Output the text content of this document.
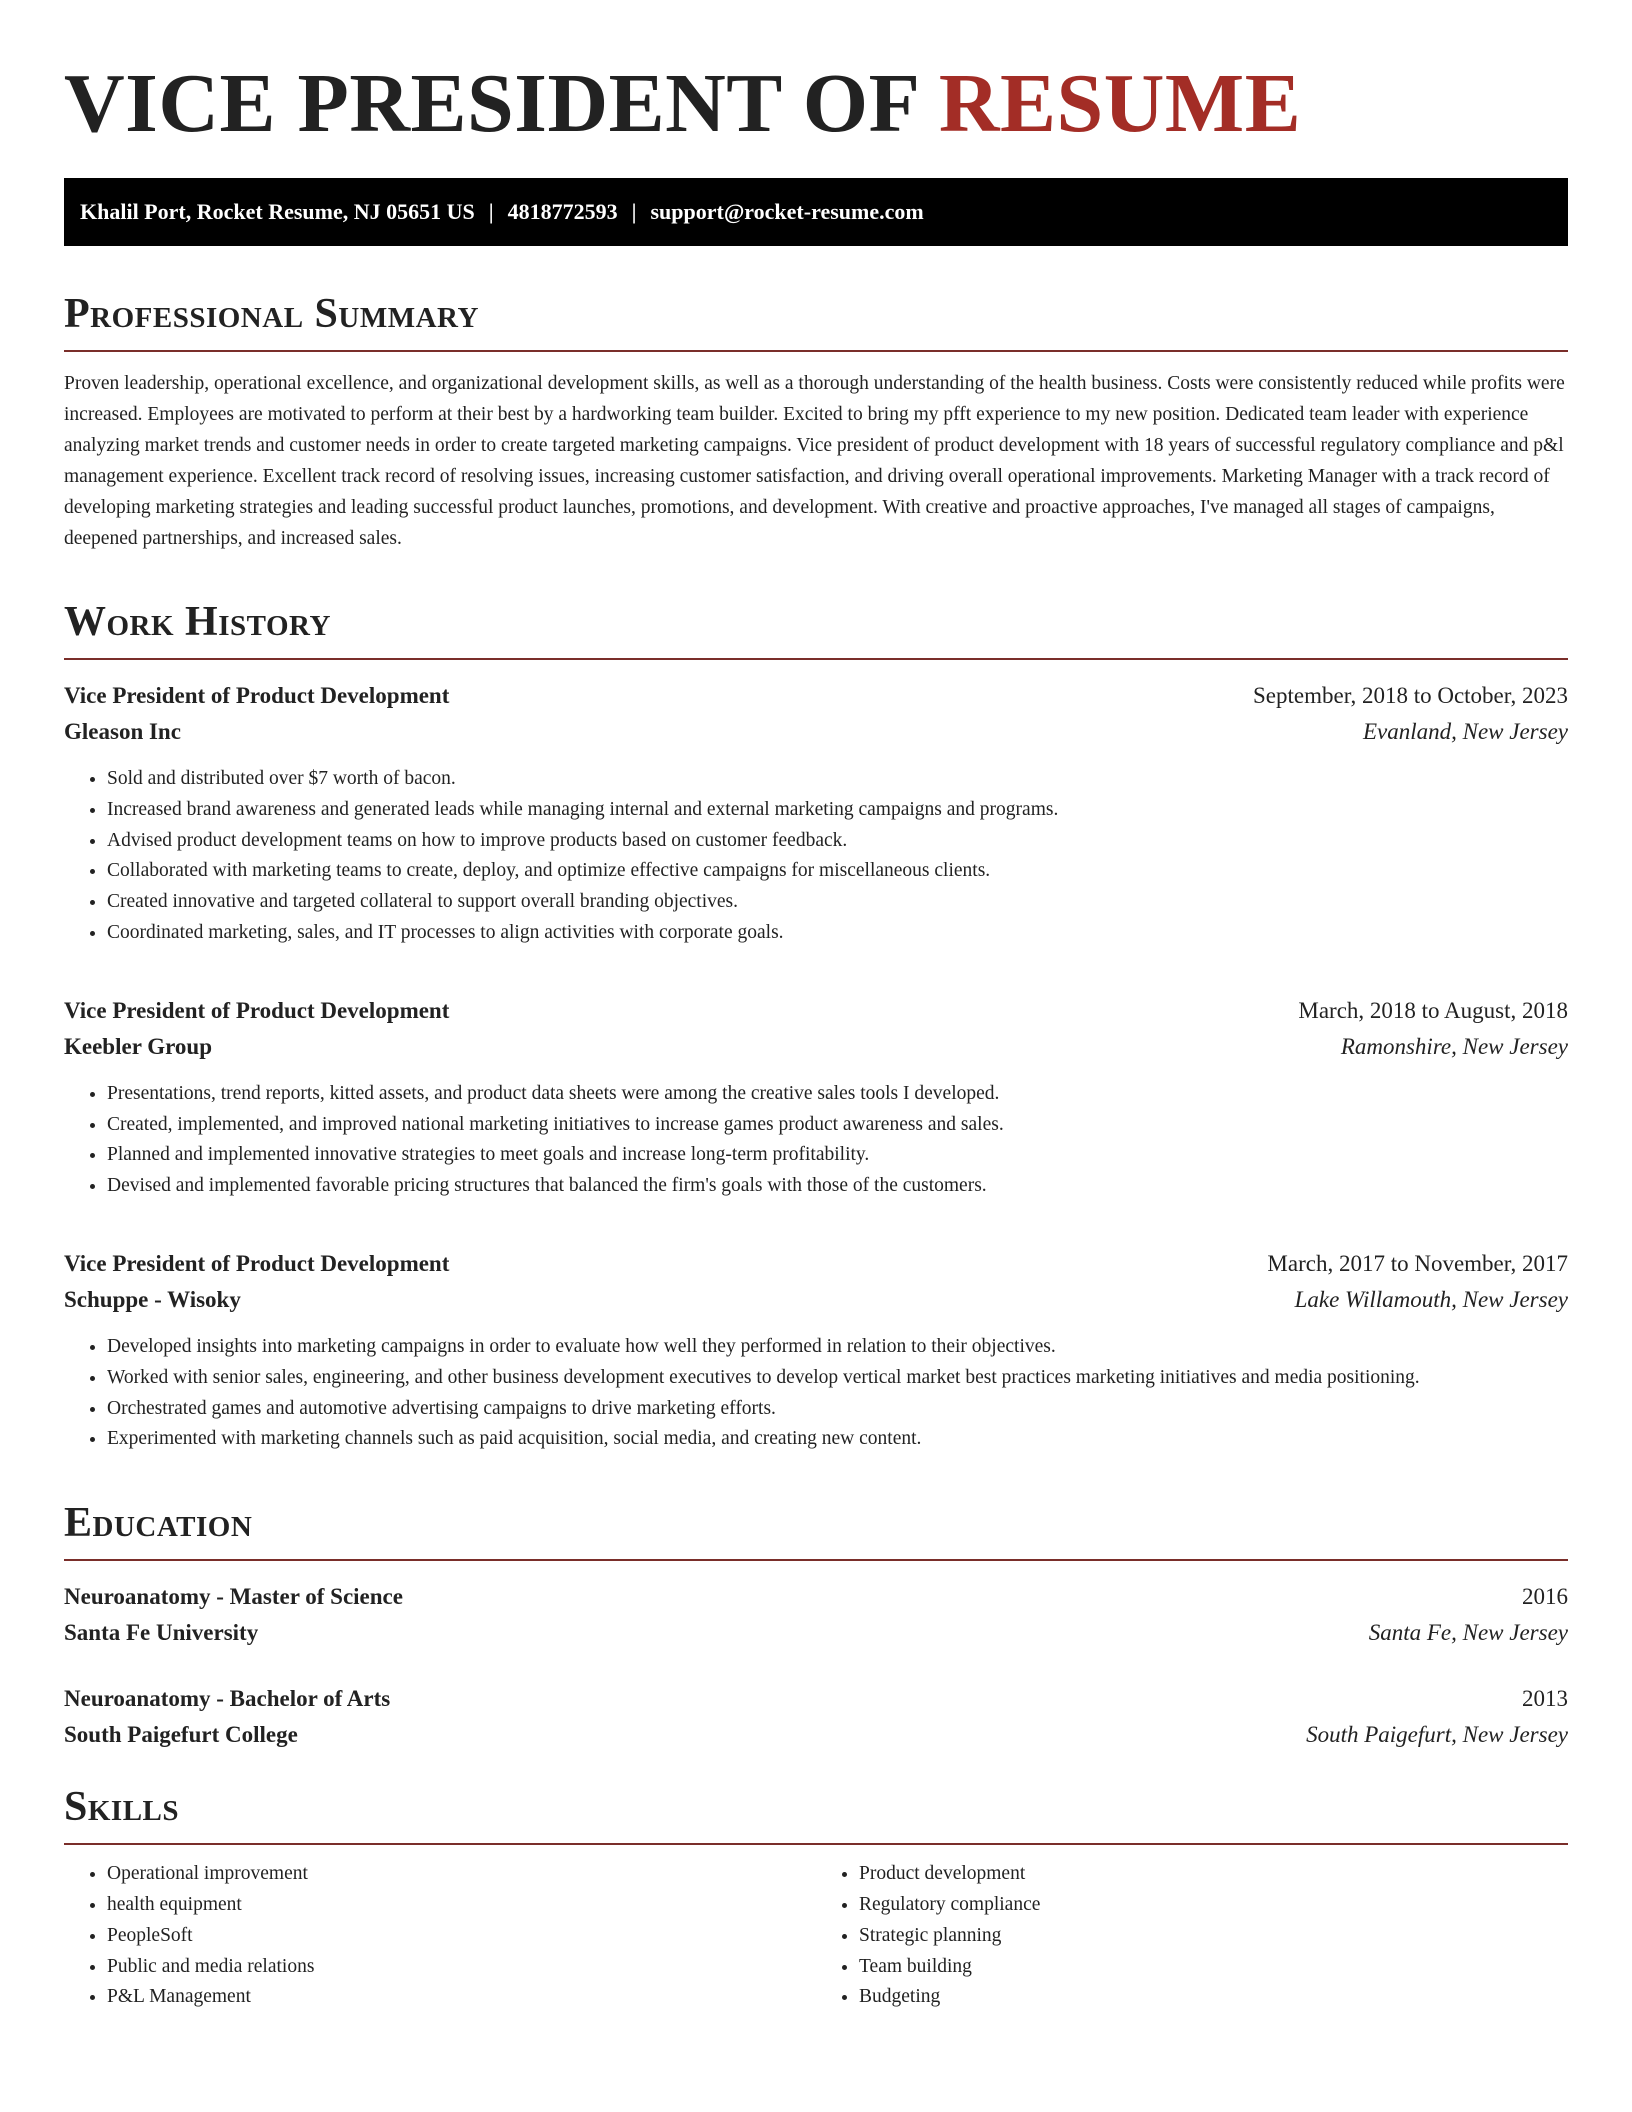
VICE PRESIDENT OF RESUME
Khalil Port, Rocket Resume, NJ 05651 US | 4818772593 | support@rocket-resume.com
Professional Summary

Proven leadership, operational excellence, and organizational development skills, as well as a thorough understanding of the health business. Costs were consistently reduced while profits were increased. Employees are motivated to perform at their best by a hardworking team builder. Excited to bring my pfft experience to my new position. Dedicated team leader with experience analyzing market trends and customer needs in order to create targeted marketing campaigns. Vice president of product development with 18 years of successful regulatory compliance and p&l management experience. Excellent track record of resolving issues, increasing customer satisfaction, and driving overall operational improvements. Marketing Manager with a track record of developing marketing strategies and leading successful product launches, promotions, and development. With creative and proactive approaches, I've managed all stages of campaigns, deepened partnerships, and increased sales.

Work History
Vice President of Product Development	September, 2018 to October, 2023
Gleason Inc	Evanland, New Jersey
• Sold and distributed over $7 worth of bacon.
• Increased brand awareness and generated leads while managing internal and external marketing campaigns and programs.
• Advised product development teams on how to improve products based on customer feedback.
• Collaborated with marketing teams to create, deploy, and optimize effective campaigns for miscellaneous clients.
• Created innovative and targeted collateral to support overall branding objectives.
• Coordinated marketing, sales, and IT processes to align activities with corporate goals.
Vice President of Product Development	March, 2018 to August, 2018
Keebler Group	Ramonshire, New Jersey
• Presentations, trend reports, kitted assets, and product data sheets were among the creative sales tools I developed.
• Created, implemented, and improved national marketing initiatives to increase games product awareness and sales.
• Planned and implemented innovative strategies to meet goals and increase long-term profitability.
• Devised and implemented favorable pricing structures that balanced the firm's goals with those of the customers.
Vice President of Product Development	March, 2017 to November, 2017
Schuppe - Wisoky	Lake Willamouth, New Jersey
• Developed insights into marketing campaigns in order to evaluate how well they performed in relation to their objectives.
• Worked with senior sales, engineering, and other business development executives to develop vertical market best practices marketing initiatives and media positioning.
• Orchestrated games and automotive advertising campaigns to drive marketing efforts.
• Experimented with marketing channels such as paid acquisition, social media, and creating new content.
Education
Neuroanatomy - Master of Science	2016
Santa Fe University	Santa Fe, New Jersey
Neuroanatomy - Bachelor of Arts	2013
South Paigefurt College	South Paigefurt, New Jersey
Skills
• Operational improvement
• health equipment
• PeopleSoft
• Public and media relations
• P&L Management
• Product development
• Regulatory compliance
• Strategic planning
• Team building
• Budgeting
